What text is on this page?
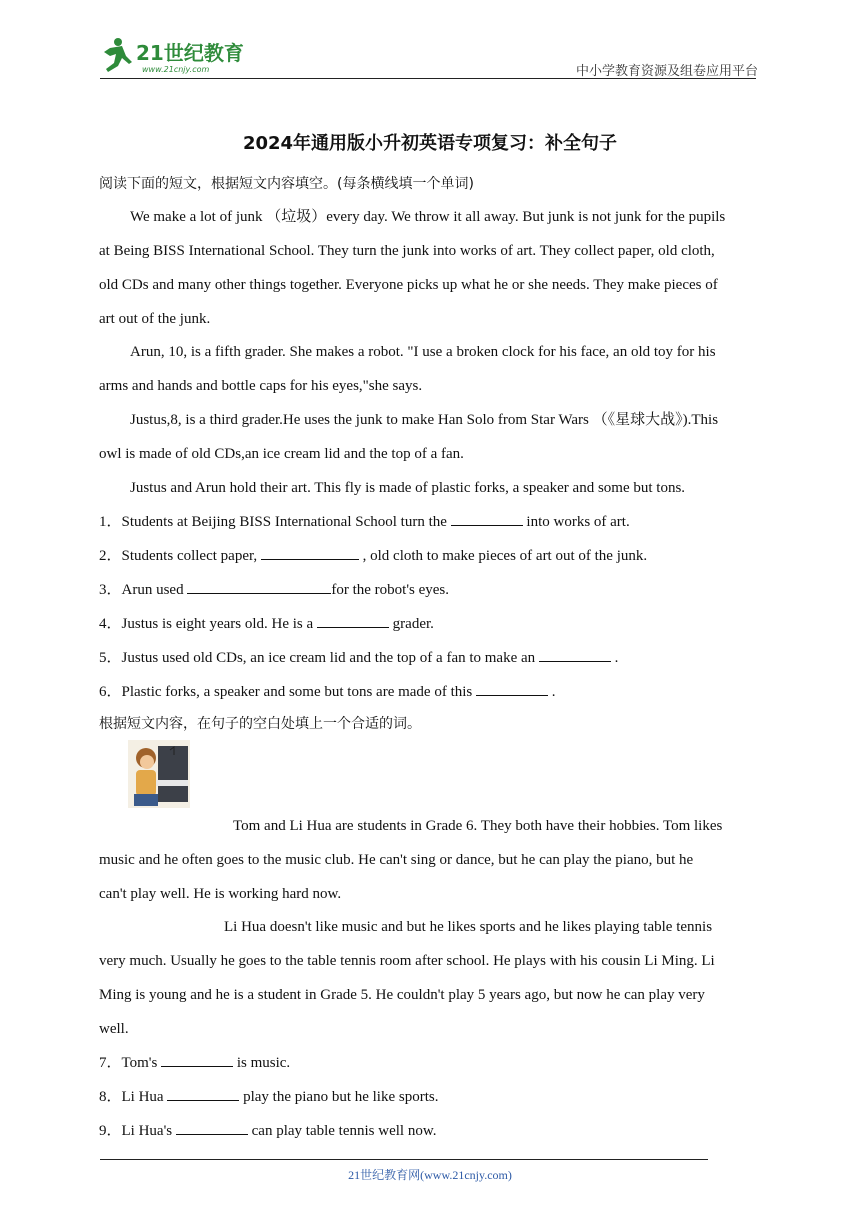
21世纪教育
www.21cnjy.com	中小学教育资源及组卷应用平台
2024年通用版小升初英语专项复习：补全句子
阅读下面的短文，根据短文内容填空。(每条横线填一个单词)
We make a lot of junk （垃圾）every day. We throw it all away. But junk is not junk for the pupils
at Being BISS International School. They turn the junk into works of art. They collect paper, old cloth,
old CDs and many other things together. Everyone picks up what he or she needs. They make pieces of
art out of the junk.
Arun, 10, is a fifth grader. She makes a robot. "I use a broken clock for his face, an old toy for his
arms and hands and bottle caps for his eyes,"she says.
Justus,8, is a third grader.He uses the junk to make Han Solo from Star Wars （《星球大战》).This
owl is made of old CDs,an ice cream lid and the top of a fan.
Justus and Arun hold their art. This fly is made of plastic forks, a speaker and some but tons.
1．Students at Beijing BISS International School turn the	into works of art.
2．Students collect paper,	, old cloth to make pieces of art out of the junk.
3．Arun used	for the robot's eyes.
4．Justus is eight years old. He is a	grader.
5．Justus used old CDs, an ice cream lid and the top of a fan to make an	.
6．Plastic forks, a speaker and some but tons are made of this	.
根据短文内容，在句子的空白处填上一个合适的词。
Tom and Li Hua are students in Grade 6. They both have their hobbies. Tom likes
music and he often goes to the music club. He can't sing or dance, but he can play the piano, but he
can't play well. He is working hard now.
Li Hua doesn't like music and but he likes sports and he likes playing table tennis
very much. Usually he goes to the table tennis room after school. He plays with his cousin Li Ming. Li
Ming is young and he is a student in Grade 5. He couldn't play 5 years ago, but now he can play very
well.
7．Tom's	is music.
8．Li Hua	play the piano but he like sports.
9．Li Hua's	can play table tennis well now.
21世纪教育网(www.21cnjy.com)
